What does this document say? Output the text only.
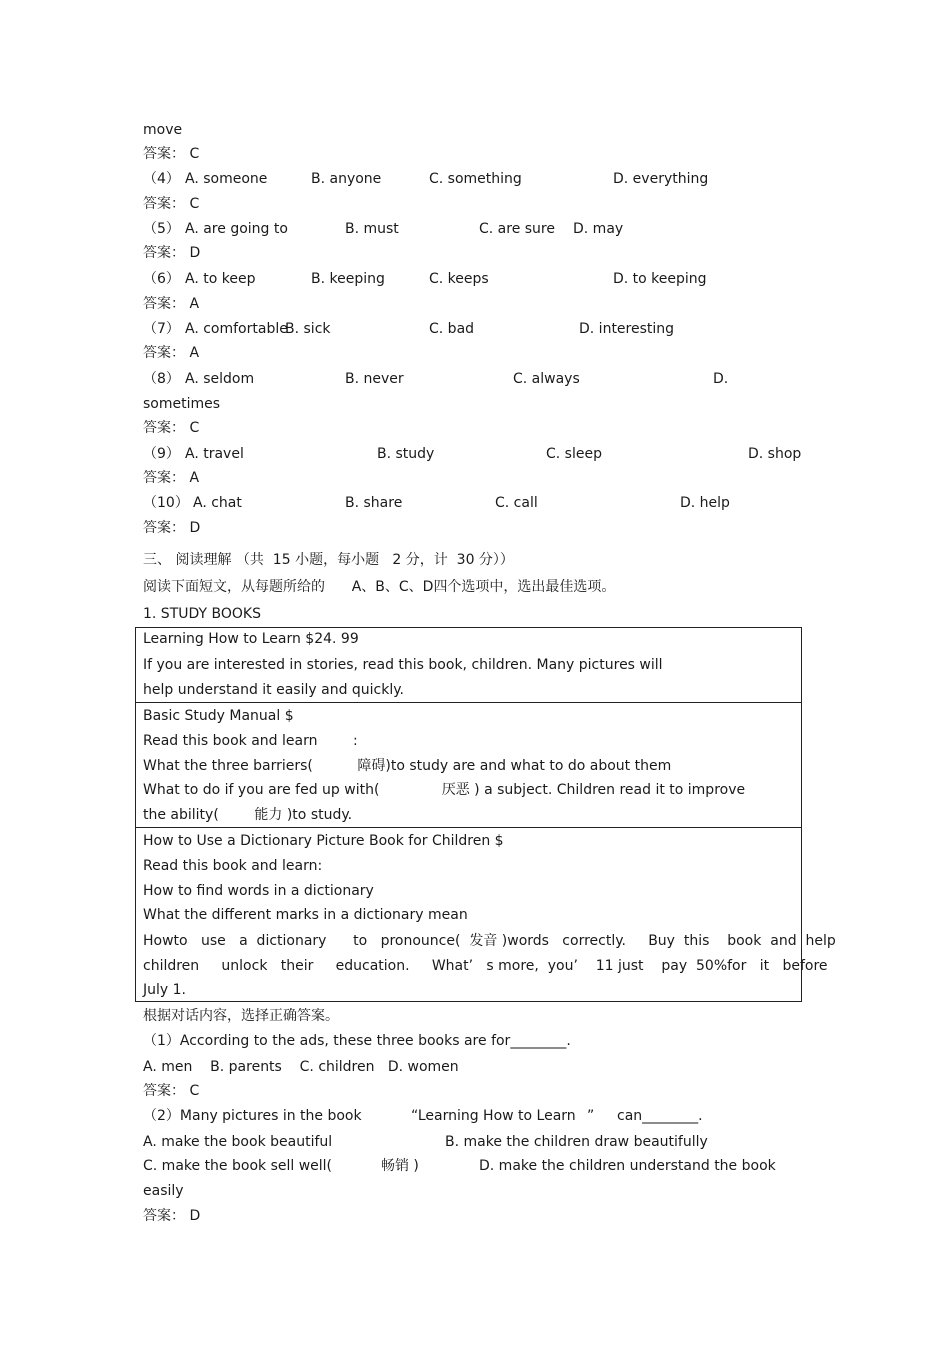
move
答案： C
（4） A. someone	B. anyone	C. something	D. everything
答案： C
（5） A. are going to	B. must	C. are sure D. may
答案： D
（6） A. to keep	B. keeping	C. keeps	D. to keeping
答案： A
（7） A. comfortable
B. sick	C. bad	D. interesting
答案： A
（8） A. seldom	B. never	C. always	D.
sometimes
答案： C
（9） A. travel	B. study	C. sleep	D. shop
答案： A
（10） A. chat	B. share	C. call	D. help
答案： D
三、 阅读理解 （共  15 小题，每小题   2 分，计  30 分））
阅读下面短文，从每题所给的      A、B、C、D四个选项中，选出最佳选项。
1. STUDY BOOKS
Learning How to Learn $24. 99
If you are interested in stories, read this book, children. Many pictures will
help understand it easily and quickly.
Basic Study Manual $
Read this book and learn        :
What the three barriers(          障碍)to study are and what to do about them
What to do if you are fed up with(              厌恶 ) a subject. Children read it to improve
the ability(        能力 )to study.
How to Use a Dictionary Picture Book for Children $
Read this book and learn:
How to find words in a dictionary
What the different marks in a dictionary mean
Howto   use   a  dictionary      to   pronounce(  发音 )words   correctly.     Buy  this    book  and  help
children     unlock   their     education.     What’   s more,  you’    11 just    pay  50%for   it   before
July 1.
根据对话内容，选择正确答案。
（1）According to the ads, these three books are for________.
A. men    B. parents    C. children   D. women
答案： C
（2）Many pictures in the book	“Learning How to Learn ” can________.
A. make the book beautiful	B. make the children draw beautifully
C. make the book sell well(           畅销 )	D. make the children understand the book
easily
答案： D
